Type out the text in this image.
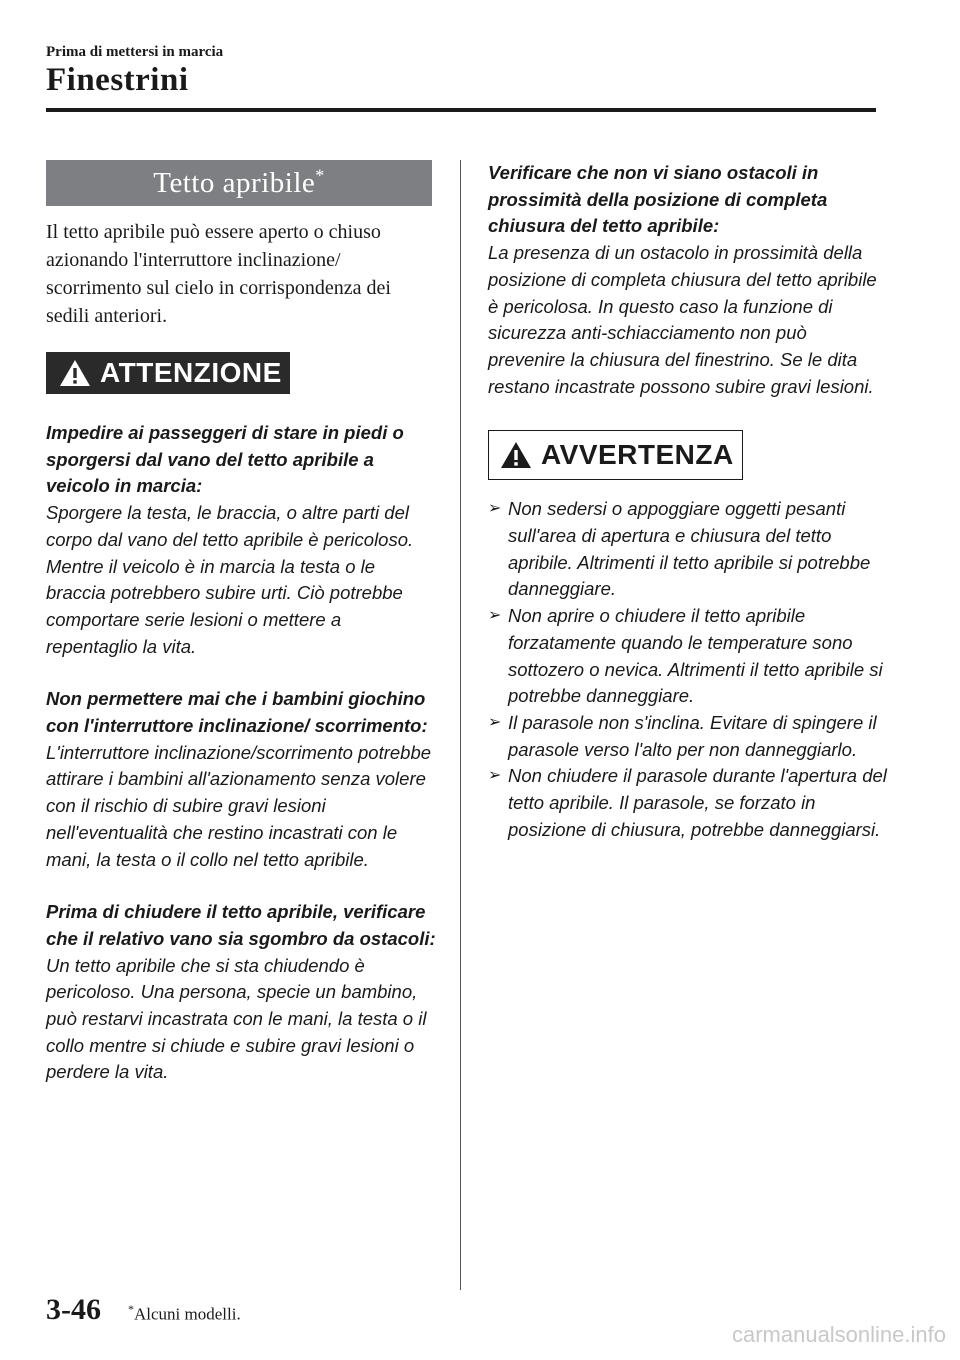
Prima di mettersi in marcia
Finestrini
Tetto apribile*

Il tetto apribile può essere aperto o chiuso azionando l'interruttore inclinazione/ scorrimento sul cielo in corrispondenza dei sedili anteriori.

ATTENZIONE
Impedire ai passeggeri di stare in piedi o sporgersi dal vano del tetto apribile a veicolo in marcia:
Sporgere la testa, le braccia, o altre parti del corpo dal vano del tetto apribile è pericoloso. Mentre il veicolo è in marcia la testa o le braccia potrebbero subire urti. Ciò potrebbe comportare serie lesioni o mettere a repentaglio la vita.
Non permettere mai che i bambini giochino con l'interruttore inclinazione/ scorrimento:
L'interruttore inclinazione/scorrimento potrebbe attirare i bambini all'azionamento senza volere con il rischio di subire gravi lesioni nell'eventualità che restino incastrati con le mani, la testa o il collo nel tetto apribile.
Prima di chiudere il tetto apribile, verificare che il relativo vano sia sgombro da ostacoli:
Un tetto apribile che si sta chiudendo è pericoloso. Una persona, specie un bambino, può restarvi incastrata con le mani, la testa o il collo mentre si chiude e subire gravi lesioni o perdere la vita.
Verificare che non vi siano ostacoli in prossimità della posizione di completa chiusura del tetto apribile:
La presenza di un ostacolo in prossimità della posizione di completa chiusura del tetto apribile è pericolosa. In questo caso la funzione di sicurezza anti-schiacciamento non può prevenire la chiusura del finestrino. Se le dita restano incastrate possono subire gravi lesioni.
AVVERTENZA
➢ Non sedersi o appoggiare oggetti pesanti sull'area di apertura e chiusura del tetto apribile. Altrimenti il tetto apribile si potrebbe danneggiare.
➢ Non aprire o chiudere il tetto apribile forzatamente quando le temperature sono sottozero o nevica. Altrimenti il tetto apribile si potrebbe danneggiare.
➢ Il parasole non s'inclina. Evitare di spingere il parasole verso l'alto per non danneggiarlo.
➢ Non chiudere il parasole durante l'apertura del tetto apribile. Il parasole, se forzato in posizione di chiusura, potrebbe danneggiarsi.
3-46 *Alcuni modelli.
carmanualsonline.info
